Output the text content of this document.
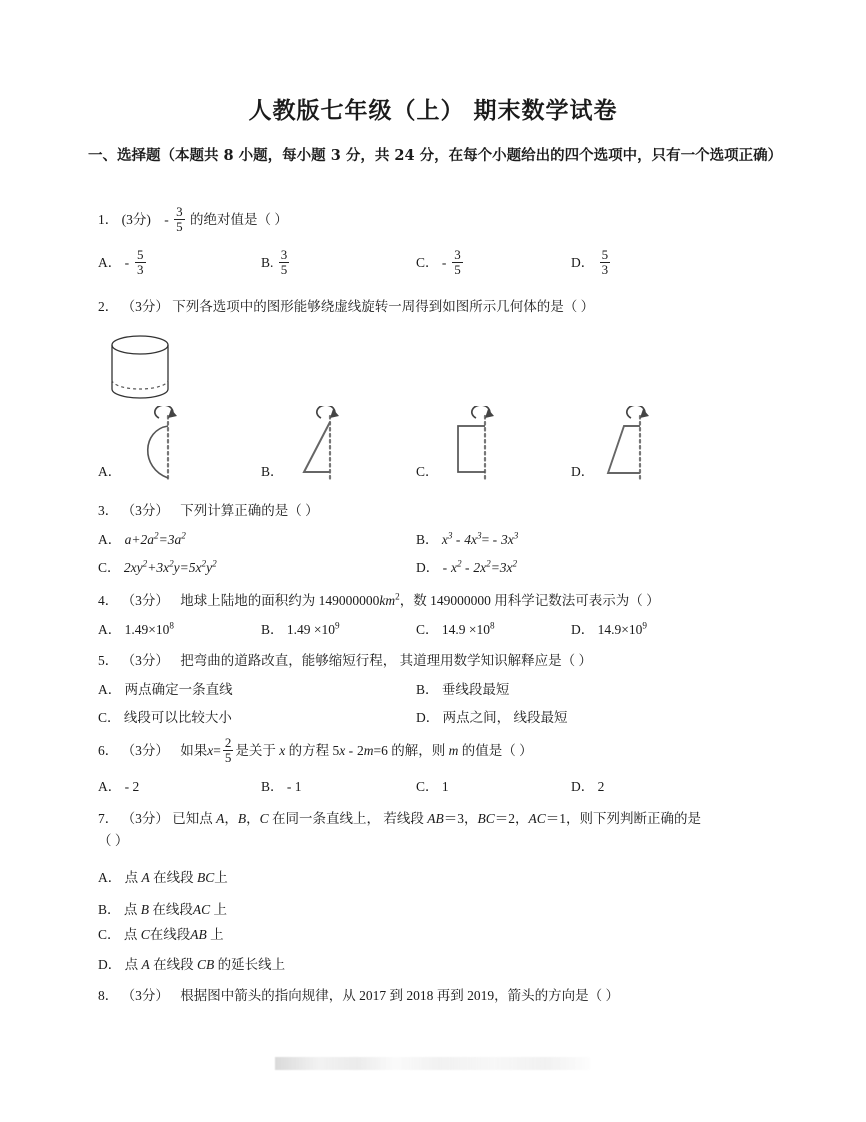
人教版七年级（上） 期末数学试卷
一、选择题（本题共 8 小题，每小题 3 分，共 24 分，在每个小题给出的四个选项中，只有一个选项正确）
1． (3分) - $\frac{3}{5}$ 的绝对值是（ ）
A． - $\frac{5}{3}$	B. $\frac{3}{5}$	C． - $\frac{3}{5}$	D． $\frac{5}{3}$
2． （3分） 下列各选项中的图形能够绕虚线旋转一周得到如图所示几何体的是（ ）
A．	B．	C．	D．
3． （3分） 下列计算正确的是（ ）
A． $a+2a^2=3a^2$	B． $x^3 - 4x^3= - 3x^3$
C． $2xy^2+3x^2y=5x^2y^2$	D． - $x^2 - 2x^2=3x^2$
4． （3分） 地球上陆地的面积约为 $149000000km^2$，数 149000000 用科学记数法可表示为（ ）
A． $1.49\times 10^8$	B． $1.49 \times 10^9$	C． $14.9 \times 10^8$	D． $14.9\times 10^9$
5． （3分） 把弯曲的道路改直，能够缩短行程， 其道理用数学知识解释应是（ ）
A． 两点确定一条直线	B． 垂线段最短
C． 线段可以比较大小	D． 两点之间， 线段最短
6． （3分） 如果$x= \frac{2}{5}$ 是关于 x 的方程 5x - 2m=6 的解，则 m 的值是（ ）
A． - 2	B． - 1	C． 1	D． 2
7． （3分） 已知点 A，B，C 在同一条直线上， 若线段 AB＝3，BC＝2，AC＝1，则下列判断正确的是
（ ）
A． 点 A 在线段 BC上
B． 点 B 在线段AC 上
C． 点 C在线段AB 上
D． 点 A 在线段 CB 的延长线上
8． （3分） 根据图中箭头的指向规律，从 2017 到 2018 再到 2019，箭头的方向是（ ）
